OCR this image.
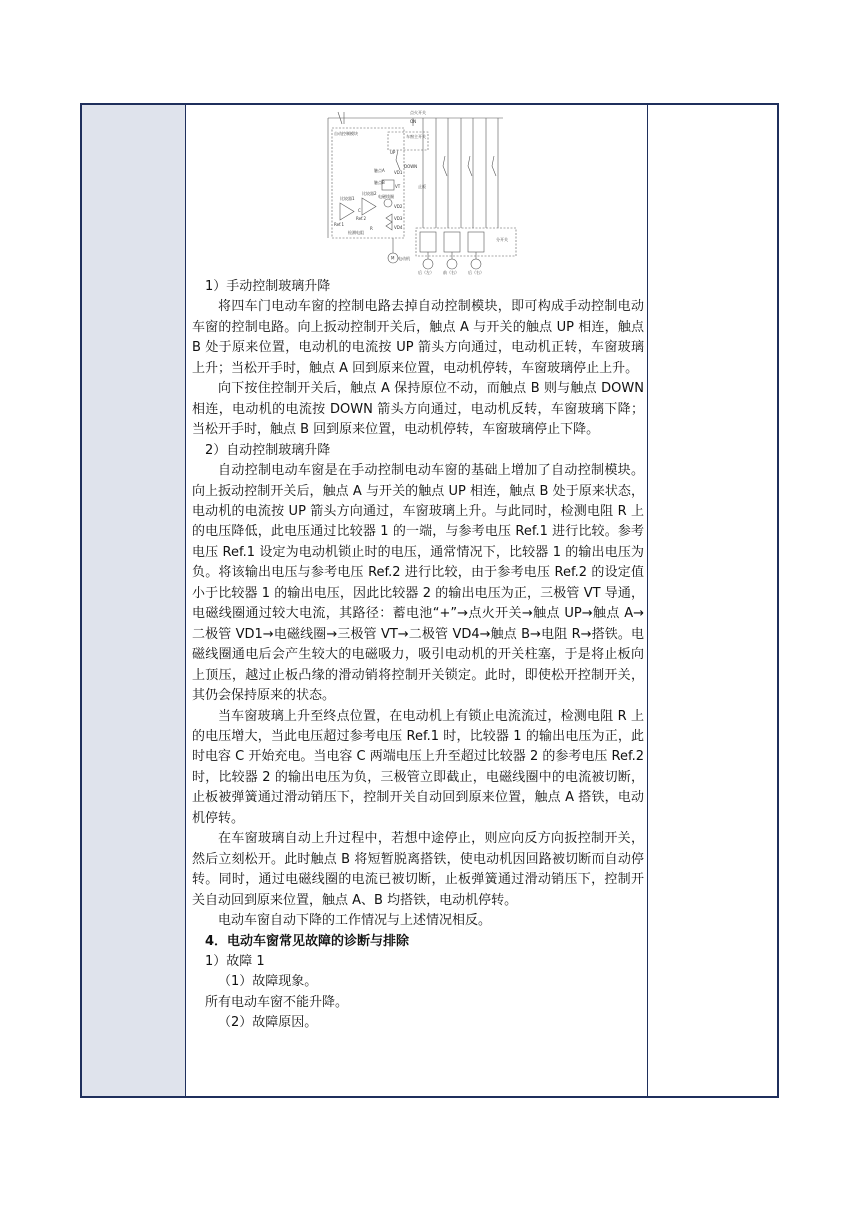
点火开关
ON
自动控制模块
车窗主开关
UP
DOWN
触点A
触点B
比较器1
比较器2
Ref.1
Ref.2
电磁线圈
VT
VD1
VD2
VD3
VD4
检测电阻
R
C
止板
分开关
后（左） 前（右） 后（右）
电动机
M

1）手动控制玻璃升降

将四车门电动车窗的控制电路去掉自动控制模块，即可构成手动控制电动车窗的控制电路。向上扳动控制开关后，触点 A 与开关的触点 UP 相连，触点 B 处于原来位置，电动机的电流按 UP 箭头方向通过，电动机正转，车窗玻璃上升；当松开手时，触点 A 回到原来位置，电动机停转，车窗玻璃停止上升。

向下按住控制开关后，触点 A 保持原位不动，而触点 B 则与触点 DOWN 相连，电动机的电流按 DOWN 箭头方向通过，电动机反转，车窗玻璃下降；当松开手时，触点 B 回到原来位置，电动机停转，车窗玻璃停止下降。

2）自动控制玻璃升降

自动控制电动车窗是在手动控制电动车窗的基础上增加了自动控制模块。向上扳动控制开关后，触点 A 与开关的触点 UP 相连，触点 B 处于原来状态，电动机的电流按 UP 箭头方向通过，车窗玻璃上升。与此同时，检测电阻 R 上的电压降低，此电压通过比较器 1 的一端，与参考电压 Ref.1 进行比较。参考电压 Ref.1 设定为电动机锁止时的电压，通常情况下，比较器 1 的输出电压为负。将该输出电压与参考电压 Ref.2 进行比较，由于参考电压 Ref.2 的设定值小于比较器 1 的输出电压，因此比较器 2 的输出电压为正，三极管 VT 导通，电磁线圈通过较大电流，其路径：蓄电池“+”→点火开关→触点 UP→触点 A→二极管 VD1→电磁线圈→三极管 VT→二极管 VD4→触点 B→电阻 R→搭铁。电磁线圈通电后会产生较大的电磁吸力，吸引电动机的开关柱塞，于是将止板向上顶压，越过止板凸缘的滑动销将控制开关锁定。此时，即使松开控制开关，其仍会保持原来的状态。

当车窗玻璃上升至终点位置，在电动机上有锁止电流流过，检测电阻 R 上的电压增大，当此电压超过参考电压 Ref.1 时，比较器 1 的输出电压为正，此时电容 C 开始充电。当电容 C 两端电压上升至超过比较器 2 的参考电压 Ref.2 时，比较器 2 的输出电压为负，三极管立即截止，电磁线圈中的电流被切断，止板被弹簧通过滑动销压下，控制开关自动回到原来位置，触点 A 搭铁，电动机停转。

在车窗玻璃自动上升过程中，若想中途停止，则应向反方向扳控制开关，然后立刻松开。此时触点 B 将短暂脱离搭铁，使电动机因回路被切断而自动停转。同时，通过电磁线圈的电流已被切断，止板弹簧通过滑动销压下，控制开关自动回到原来位置，触点 A、B 均搭铁，电动机停转。

电动车窗自动下降的工作情况与上述情况相反。

4．电动车窗常见故障的诊断与排除

1）故障 1

（1）故障现象。

所有电动车窗不能升降。

（2）故障原因。
